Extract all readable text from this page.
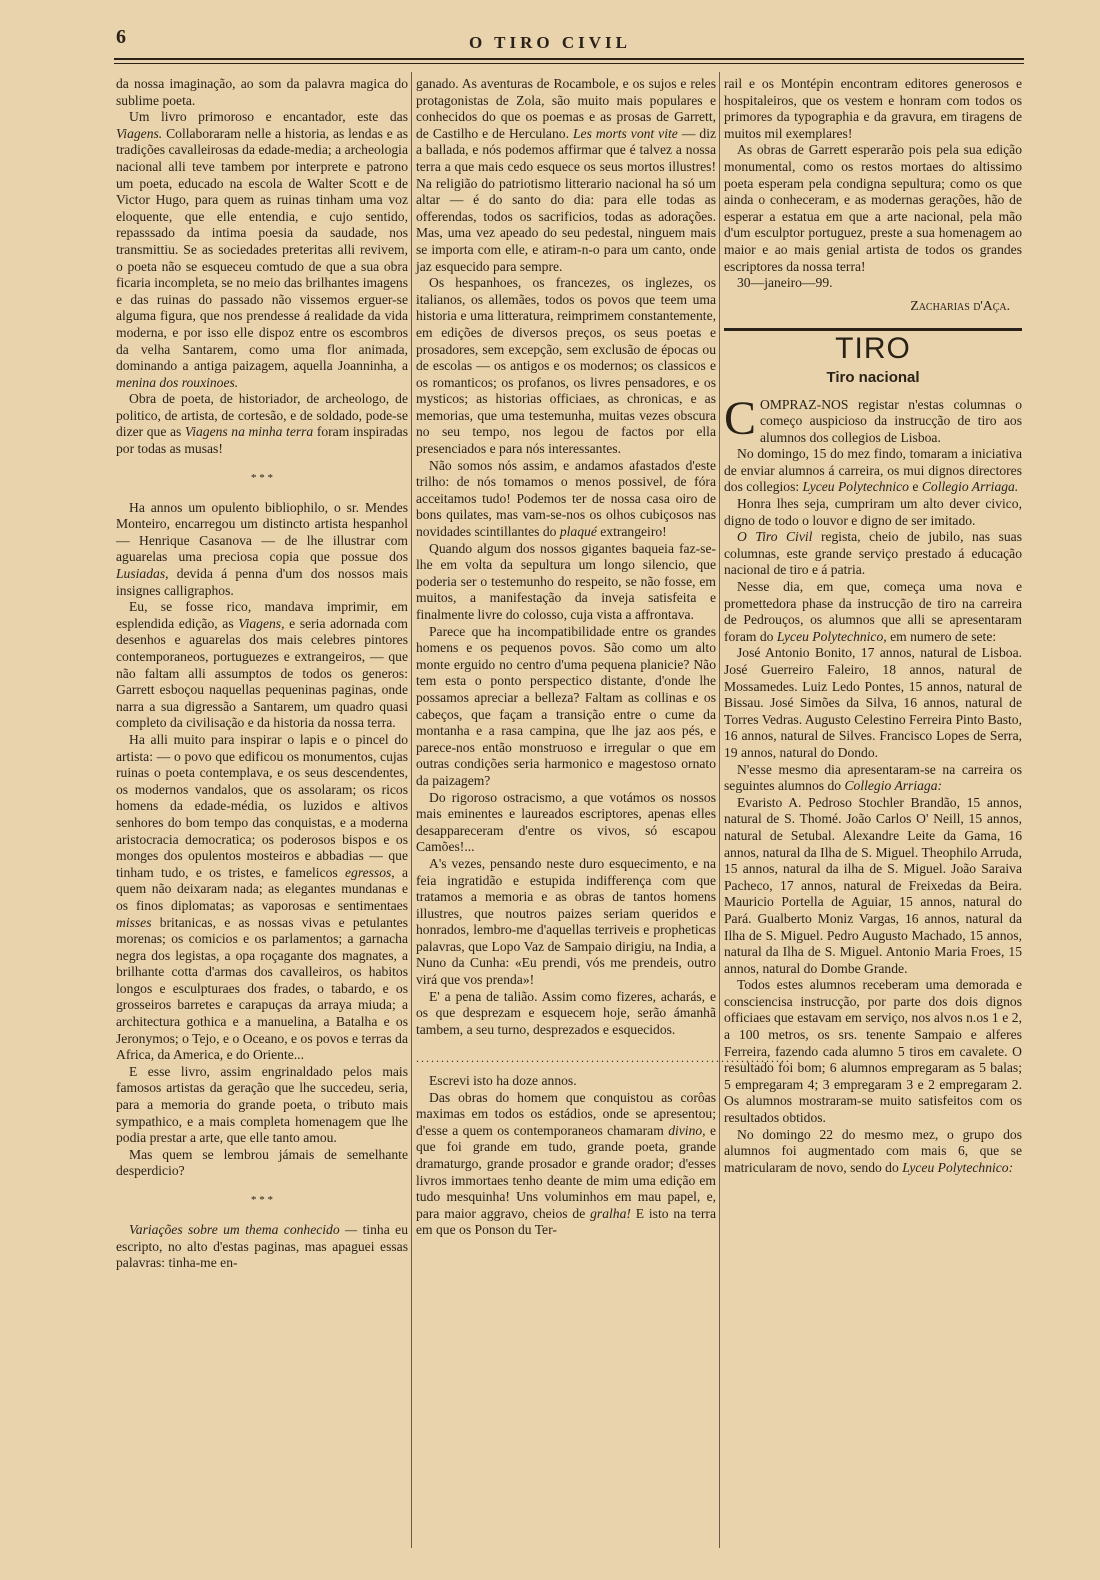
6	O TIRO CIVIL

da nossa imaginação, ao som da palavra magica do sublime poeta.

Um livro primoroso e encantador, este das Viagens. Collaboraram nelle a historia, as lendas e as tradições cavalleirosas da edade-media; a archeologia nacional alli teve tambem por interprete e patrono um poeta, educado na escola de Walter Scott e de Victor Hugo, para quem as ruinas tinham uma voz eloquente, que elle entendia, e cujo sentido, repasssado da intima poesia da saudade, nos transmittiu. Se as sociedades preteritas alli revivem, o poeta não se esqueceu comtudo de que a sua obra ficaria incompleta, se no meio das brilhantes imagens e das ruinas do passado não vissemos erguer-se alguma figura, que nos prendesse á realidade da vida moderna, e por isso elle dispoz entre os escombros da velha Santarem, como uma flor animada, dominando a antiga paizagem, aquella Joanninha, a menina dos rouxinoes.

Obra de poeta, de historiador, de archeologo, de politico, de artista, de cortesão, e de soldado, pode-se dizer que as Viagens na minha terra foram inspiradas por todas as musas!

* * *

Ha annos um opulento bibliophilo, o sr. Mendes Monteiro, encarregou um distincto artista hespanhol — Henrique Casanova — de lhe illustrar com aguarelas uma preciosa copia que possue dos Lusiadas, devida á penna d'um dos nossos mais insignes calligraphos.

Eu, se fosse rico, mandava imprimir, em esplendida edição, as Viagens, e seria adornada com desenhos e aguarelas dos mais celebres pintores contemporaneos, portuguezes e extrangeiros, — que não faltam alli assumptos de todos os generos: Garrett esboçou naquellas pequeninas paginas, onde narra a sua digressão a Santarem, um quadro quasi completo da civilisação e da historia da nossa terra.

Ha alli muito para inspirar o lapis e o pincel do artista: — o povo que edificou os monumentos, cujas ruinas o poeta contemplava, e os seus descendentes, os modernos vandalos, que os assolaram; os ricos homens da edade-média, os luzidos e altivos senhores do bom tempo das conquistas, e a moderna aristocracia democratica; os poderosos bispos e os monges dos opulentos mosteiros e abbadias — que tinham tudo, e os tristes, e famelicos egressos, a quem não deixaram nada; as elegantes mundanas e os finos diplomatas; as vaporosas e sentimentaes misses britanicas, e as nossas vivas e petulantes morenas; os comicios e os parlamentos; a garnacha negra dos legistas, a opa roçagante dos magnates, a brilhante cotta d'armas dos cavalleiros, os habitos longos e esculpturaes dos frades, o tabardo, e os grosseiros barretes e carapuças da arraya miuda; a architectura gothica e a manuelina, a Batalha e os Jeronymos; o Tejo, e o Oceano, e os povos e terras da Africa, da America, e do Oriente...

E esse livro, assim engrinaldado pelos mais famosos artistas da geração que lhe succedeu, seria, para a memoria do grande poeta, o tributo mais sympathico, e a mais completa homenagem que lhe podia prestar a arte, que elle tanto amou.

Mas quem se lembrou jámais de semelhante desperdicio?

* * *

Variações sobre um thema conhecido — tinha eu escripto, no alto d'estas paginas, mas apaguei essas palavras: tinha-me en-

ganado. As aventuras de Rocambole, e os sujos e reles protagonistas de Zola, são muito mais populares e conhecidos do que os poemas e as prosas de Garrett, de Castilho e de Herculano. Les morts vont vite — diz a ballada, e nós podemos affirmar que é talvez a nossa terra a que mais cedo esquece os seus mortos illustres! Na religião do patriotismo litterario nacional ha só um altar — é do santo do dia: para elle todas as offerendas, todos os sacrificios, todas as adorações. Mas, uma vez apeado do seu pedestal, ninguem mais se importa com elle, e atiram-n-o para um canto, onde jaz esquecido para sempre.

Os hespanhoes, os francezes, os inglezes, os italianos, os allemães, todos os povos que teem uma historia e uma litteratura, reimprimem constantemente, em edições de diversos preços, os seus poetas e prosadores, sem excepção, sem exclusão de épocas ou de escolas — os antigos e os modernos; os classicos e os romanticos; os profanos, os livres pensadores, e os mysticos; as historias officiaes, as chronicas, e as memorias, que uma testemunha, muitas vezes obscura no seu tempo, nos legou de factos por ella presenciados e para nós interessantes.

Não somos nós assim, e andamos afastados d'este trilho: de nós tomamos o menos possivel, de fóra acceitamos tudo! Podemos ter de nossa casa oiro de bons quilates, mas vam-se-nos os olhos cubiçosos nas novidades scintillantes do plaqué extrangeiro!

Quando algum dos nossos gigantes baqueia faz-se-lhe em volta da sepultura um longo silencio, que poderia ser o testemunho do respeito, se não fosse, em muitos, a manifestação da inveja satisfeita e finalmente livre do colosso, cuja vista a affrontava.

Parece que ha incompatibilidade entre os grandes homens e os pequenos povos. São como um alto monte erguido no centro d'uma pequena planicie? Não tem esta o ponto perspectico distante, d'onde lhe possamos apreciar a belleza? Faltam as collinas e os cabeços, que façam a transição entre o cume da montanha e a rasa campina, que lhe jaz aos pés, e parece-nos então monstruoso e irregular o que em outras condições seria harmonico e magestoso ornato da paizagem?

Do rigoroso ostracismo, a que votámos os nossos mais eminentes e laureados escriptores, apenas elles desappareceram d'entre os vivos, só escapou Camões!...

A's vezes, pensando neste duro esquecimento, e na feia ingratidão e estupida indifferença com que tratamos a memoria e as obras de tantos homens illustres, que noutros paizes seriam queridos e honrados, lembro-me d'aquellas terriveis e propheticas palavras, que Lopo Vaz de Sampaio dirigiu, na India, a Nuno da Cunha: «Eu prendi, vós me prendeis, outro virá que vos prenda»!

E' a pena de talião. Assim como fizeres, acharás, e os que desprezam e esquecem hoje, serão ámanhã tambem, a seu turno, desprezados e esquecidos.

...........................................................................

Escrevi isto ha doze annos.

Das obras do homem que conquistou as corôas maximas em todos os estádios, onde se apresentou; d'esse a quem os contemporaneos chamaram divino, e que foi grande em tudo, grande poeta, grande dramaturgo, grande prosador e grande orador; d'esses livros immortaes tenho deante de mim uma edição em tudo mesquinha! Uns voluminhos em mau papel, e, para maior aggravo, cheios de gralha! E isto na terra em que os Ponson du Ter-

rail e os Montépin encontram editores generosos e hospitaleiros, que os vestem e honram com todos os primores da typographia e da gravura, em tiragens de muitos mil exemplares!

As obras de Garrett esperarão pois pela sua edição monumental, como os restos mortaes do altissimo poeta esperam pela condigna sepultura; como os que ainda o conheceram, e as modernas gerações, hão de esperar a estatua em que a arte nacional, pela mão d'um esculptor portuguez, preste a sua homenagem ao maior e ao mais genial artista de todos os grandes escriptores da nossa terra!

30—janeiro—99.

Zacharias d'Aça.
TIRO
Tiro nacional

COMPRAZ-NOS registar n'estas columnas o começo auspicioso da instrucção de tiro aos alumnos dos collegios de Lisboa.

No domingo, 15 do mez findo, tomaram a iniciativa de enviar alumnos á carreira, os mui dignos directores dos collegios: Lyceu Polytechnico e Collegio Arriaga.

Honra lhes seja, cumpriram um alto dever civico, digno de todo o louvor e digno de ser imitado.

O Tiro Civil regista, cheio de jubilo, nas suas columnas, este grande serviço prestado á educação nacional de tiro e á patria.

Nesse dia, em que, começa uma nova e promettedora phase da instrucção de tiro na carreira de Pedrouços, os alumnos que alli se apresentaram foram do Lyceu Polytechnico, em numero de sete:

José Antonio Bonito, 17 annos, natural de Lisboa. José Guerreiro Faleiro, 18 annos, natural de Mossamedes. Luiz Ledo Pontes, 15 annos, natural de Bissau. José Simões da Silva, 16 annos, natural de Torres Vedras. Augusto Celestino Ferreira Pinto Basto, 16 annos, natural de Silves. Francisco Lopes de Serra, 19 annos, natural do Dondo.

N'esse mesmo dia apresentaram-se na carreira os seguintes alumnos do Collegio Arriaga:

Evaristo A. Pedroso Stochler Brandão, 15 annos, natural de S. Thomé. João Carlos O' Neill, 15 annos, natural de Setubal. Alexandre Leite da Gama, 16 annos, natural da Ilha de S. Miguel. Theophilo Arruda, 15 annos, natural da ilha de S. Miguel. João Saraiva Pacheco, 17 annos, natural de Freixedas da Beira. Mauricio Portella de Aguiar, 15 annos, natural do Pará. Gualberto Moniz Vargas, 16 annos, natural da Ilha de S. Miguel. Pedro Augusto Machado, 15 annos, natural da Ilha de S. Miguel. Antonio Maria Froes, 15 annos, natural do Dombe Grande.

Todos estes alumnos receberam uma demorada e consciencisa instrucção, por parte dos dois dignos officiaes que estavam em serviço, nos alvos n.os 1 e 2, a 100 metros, os srs. tenente Sampaio e alferes Ferreira, fazendo cada alumno 5 tiros em cavalete. O resultado foi bom; 6 alumnos empregaram as 5 balas; 5 empregaram 4; 3 empregaram 3 e 2 empregaram 2. Os alumnos mostraram-se muito satisfeitos com os resultados obtidos.

No domingo 22 do mesmo mez, o grupo dos alumnos foi augmentado com mais 6, que se matricularam de novo, sendo do Lyceu Polytechnico:
